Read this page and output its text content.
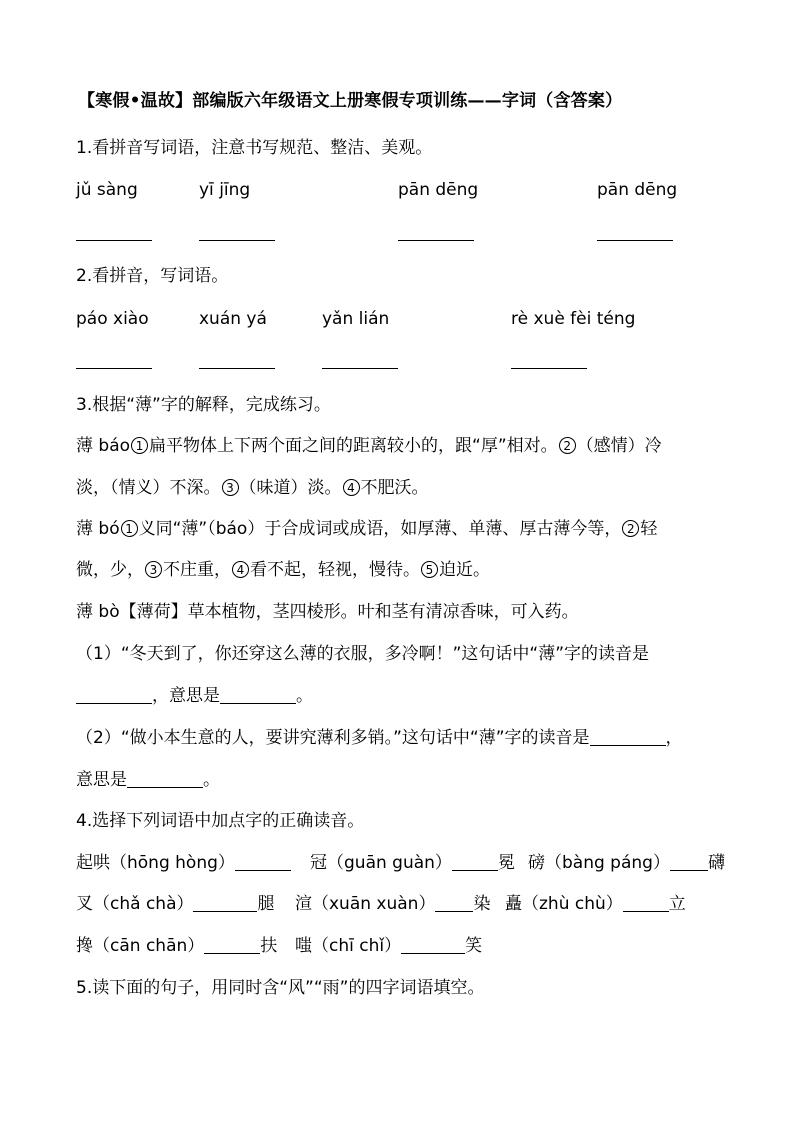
【寒假•温故】部编版六年级语文上册寒假专项训练——字词（含答案）
1.看拼音写词语，注意书写规范、整洁、美观。
jǔ sàng	yī jīng	pān dēng	pān dēng
2.看拼音，写词语。
páo xiào	xuán yá	yǎn lián	rè xuè fèi téng
3.根据“薄”字的解释，完成练习。
薄 báo 1 扁平物体上下两个面之间的距离较小的，跟“厚”相对。 2 （感情）冷
淡，（情义）不深。 3 （味道）淡。 4 不肥沃。
薄 bó 1 义同“薄”（báo）于合成词或成语，如厚薄、单薄、厚古薄今等， 2 轻
微，少， 3 不庄重， 4 看不起，轻视，慢待。 5 迫近。
薄 bò【薄荷】草本植物，茎四棱形。叶和茎有清凉香味，可入药。
（1）“冬天到了，你还穿这么薄的衣服，多冷啊！”这句话中“薄”字的读音是
，意思是	。
（2）“做小本生意的人，要讲究薄利多销。”这句话中“薄”字的读音是	，
意思是	。
4.选择下列词语中加点字的正确读音。
起哄（hōng hòng）	冠（guān guàn）	冕 磅（bàng páng） 礴
叉（chǎ chà）	腿 渲（xuān xuàn） 染 矗（zhù chù）	立
搀（cān chān）	扶 嗤（chī chǐ）	笑
5.读下面的句子，用同时含“风”“雨”的四字词语填空。
